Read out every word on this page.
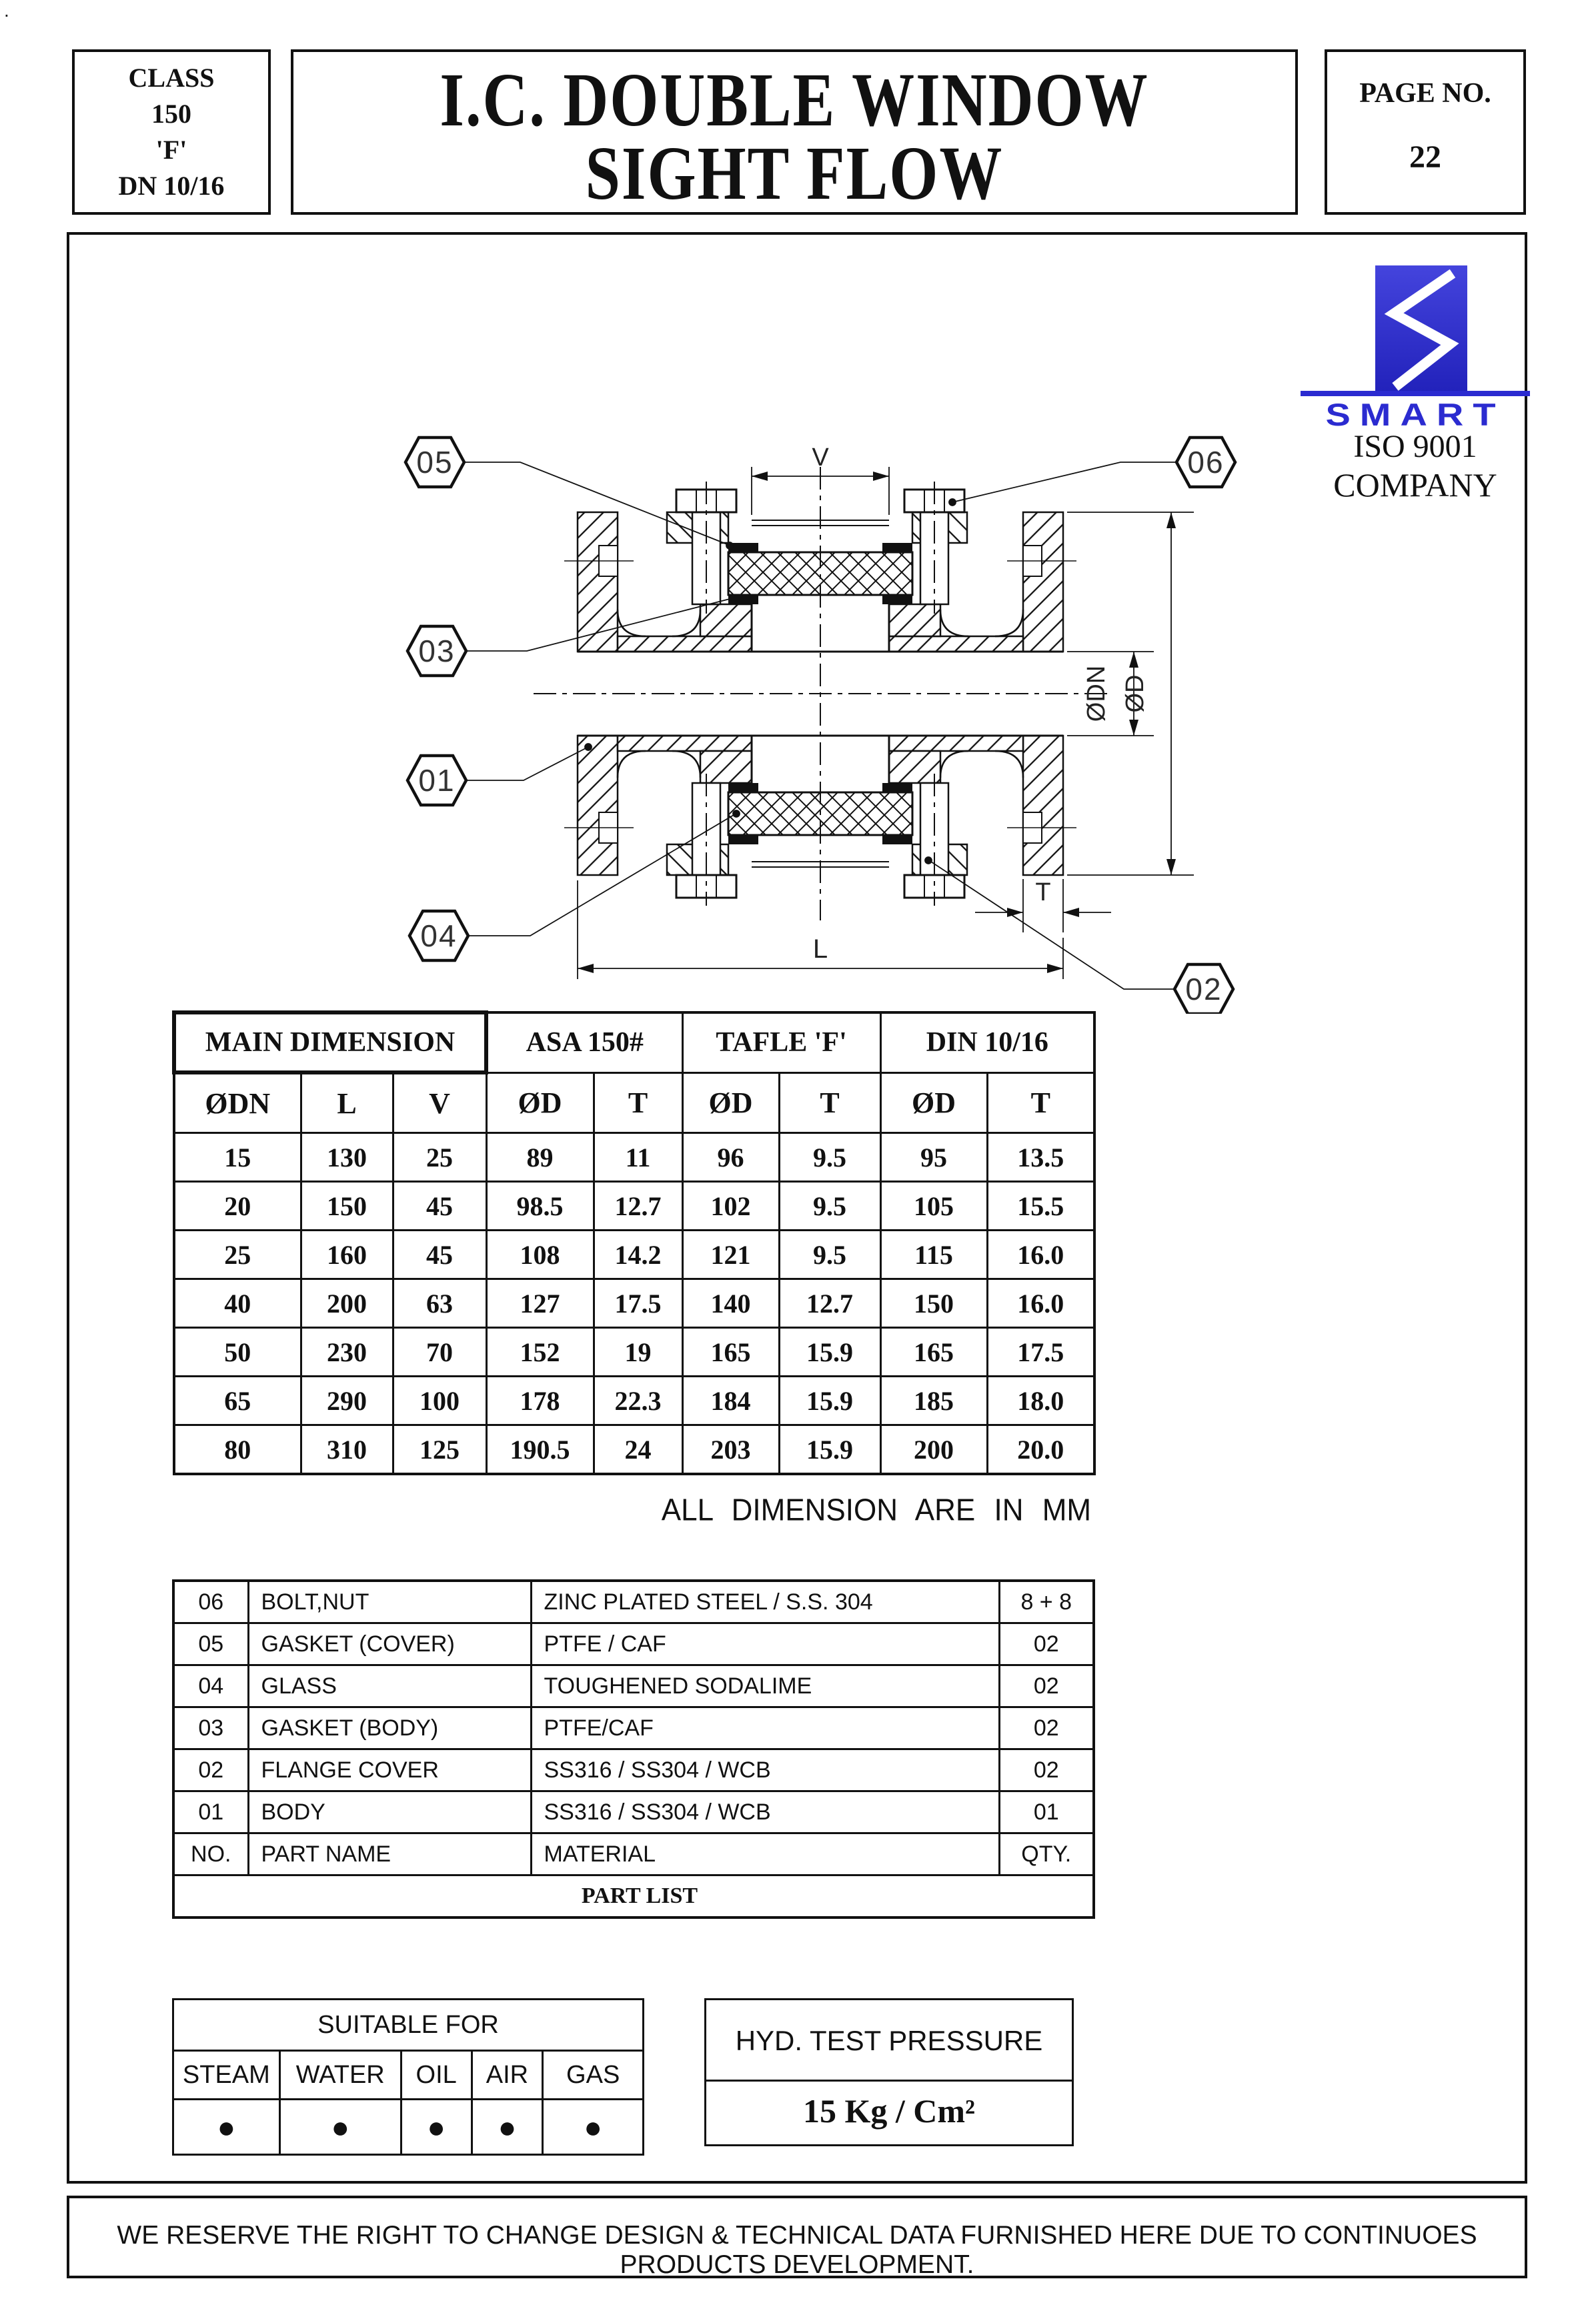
.
CLASS
150
'F'
DN 10/16
I.C. DOUBLE WINDOW
SIGHT FLOW
PAGE NO.
22
SMART
ISO 9001
COMPANY
V
ØDN ØD
T
L
05	06
03
01
04
02
MAIN DIMENSION			ASA 150#		TAFLE 'F'		DIN 10/16	
ØDN	L	V	ØD	T	ØD	T	ØD	T
15	130	25	89	11	96	9.5	95	13.5
20	150	45	98.5	12.7	102	9.5	105	15.5
25	160	45	108	14.2	121	9.5	115	16.0
40	200	63	127	17.5	140	12.7	150	16.0
50	230	70	152	19	165	15.9	165	17.5
65	290	100	178	22.3	184	15.9	185	18.0
80	310	125	190.5	24	203	15.9	200	20.0
ALL DIMENSION ARE IN MM
06	BOLT,NUT	ZINC PLATED STEEL / S.S. 304	8 + 8
05	GASKET (COVER)	PTFE / CAF	02
04	GLASS	TOUGHENED SODALIME	02
03	GASKET (BODY)	PTFE/CAF	02
02	FLANGE COVER	SS316 / SS304 / WCB	02
01	BODY	SS316 / SS304 / WCB	01
NO.	PART NAME	MATERIAL	QTY.
PART LIST			
SUITABLE FOR				
STEAM	WATER	OIL	AIR	GAS
●	●	●	●	●
HYD. TEST PRESSURE
15 Kg / Cm²
WE RESERVE THE RIGHT TO CHANGE DESIGN & TECHNICAL DATA FURNISHED HERE DUE TO CONTINUOES PRODUCTS DEVELOPMENT.
